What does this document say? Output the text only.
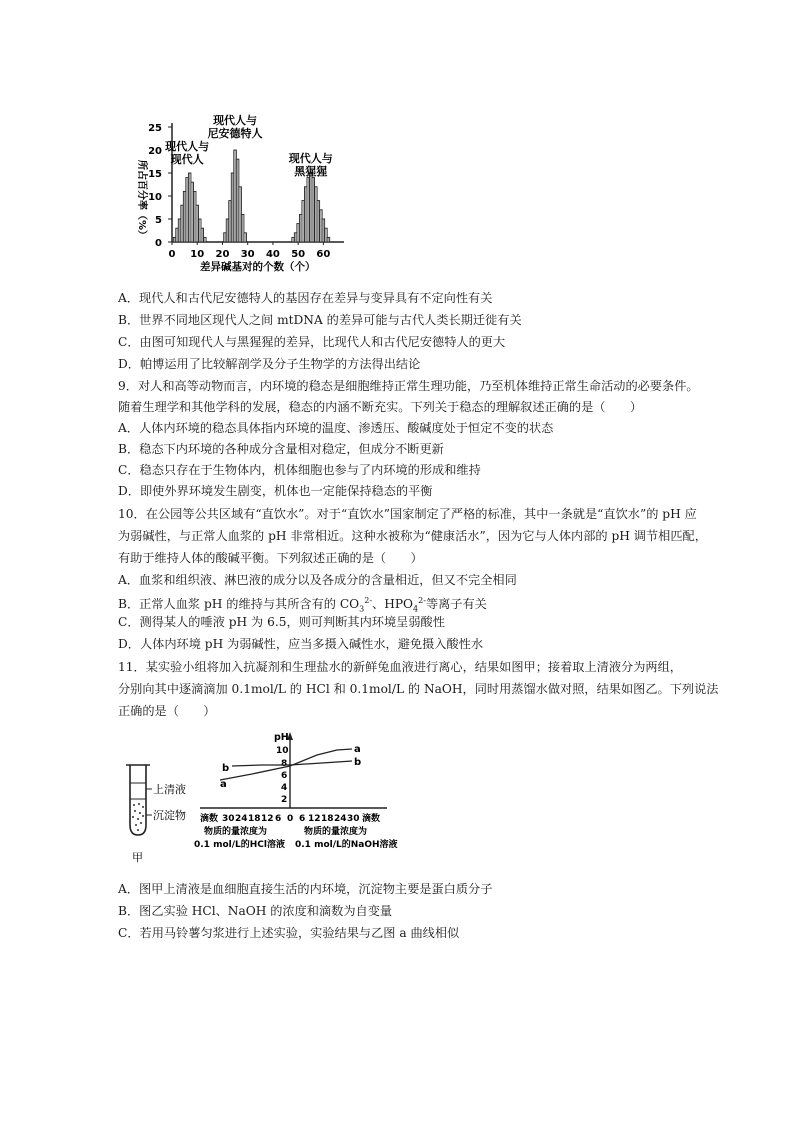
0
5
10
15
20
25
0 10 20 30 40 50 60
现代人与
现代人
现代人与
尼安德特人
现代人与
黑猩猩
所占百分率（%）
差异碱基对的个数（个）
A．现代人和古代尼安德特人的基因存在差异与变异具有不定向性有关
B．世界不同地区现代人之间 mtDNA 的差异可能与古代人类长期迁徙有关
C．由图可知现代人与黑猩猩的差异，比现代人和古代尼安德特人的更大
D．帕博运用了比较解剖学及分子生物学的方法得出结论
9．对人和高等动物而言，内环境的稳态是细胞维持正常生理功能，乃至机体维持正常生命活动的必要条件。
随着生理学和其他学科的发展，稳态的内涵不断充实。下列关于稳态的理解叙述正确的是（　　）
A．人体内环境的稳态具体指内环境的温度、渗透压、酸碱度处于恒定不变的状态
B．稳态下内环境的各种成分含量相对稳定，但成分不断更新
C．稳态只存在于生物体内，机体细胞也参与了内环境的形成和维持
D．即使外界环境发生剧变，机体也一定能保持稳态的平衡
10．在公园等公共区域有“直饮水”。对于“直饮水”国家制定了严格的标准，其中一条就是“直饮水”的 pH 应
为弱碱性，与正常人血浆的 pH 非常相近。这种水被称为“健康活水”，因为它与人体内部的 pH 调节相匹配，
有助于维持人体的酸碱平衡。下列叙述正确的是（　　）
A．血浆和组织液、淋巴液的成分以及各成分的含量相近，但又不完全相同
B．正常人血浆 pH 的维持与其所含有的 $CO_3^{2-}$、$HPO_4^{2-}$等离子有关
C．测得某人的唾液 pH 为 6.5，则可判断其内环境呈弱酸性
D．人体内环境 pH 为弱碱性，应当多摄入碱性水，避免摄入酸性水
11．某实验小组将加入抗凝剂和生理盐水的新鲜兔血液进行离心，结果如图甲；接着取上清液分为两组，
分别向其中逐滴滴加 0.1mol/L 的 HCl 和 0.1mol/L 的 NaOH，同时用蒸馏水做对照，结果如图乙。下列说法
正确的是（　　）
上清液
沉淀物
甲
pH
10
8
6
4
2
a
b
a
b
滴数 30 24 18 12 6 0 6 12 18 24 30 滴数
物质的量浓度为
0.1 mol/L的HCl溶液
物质的量浓度为
0.1 mol/L的NaOH溶液
A．图甲上清液是血细胞直接生活的内环境，沉淀物主要是蛋白质分子
B．图乙实验 HCl、NaOH 的浓度和滴数为自变量
C．若用马铃薯匀浆进行上述实验，实验结果与乙图 a 曲线相似
